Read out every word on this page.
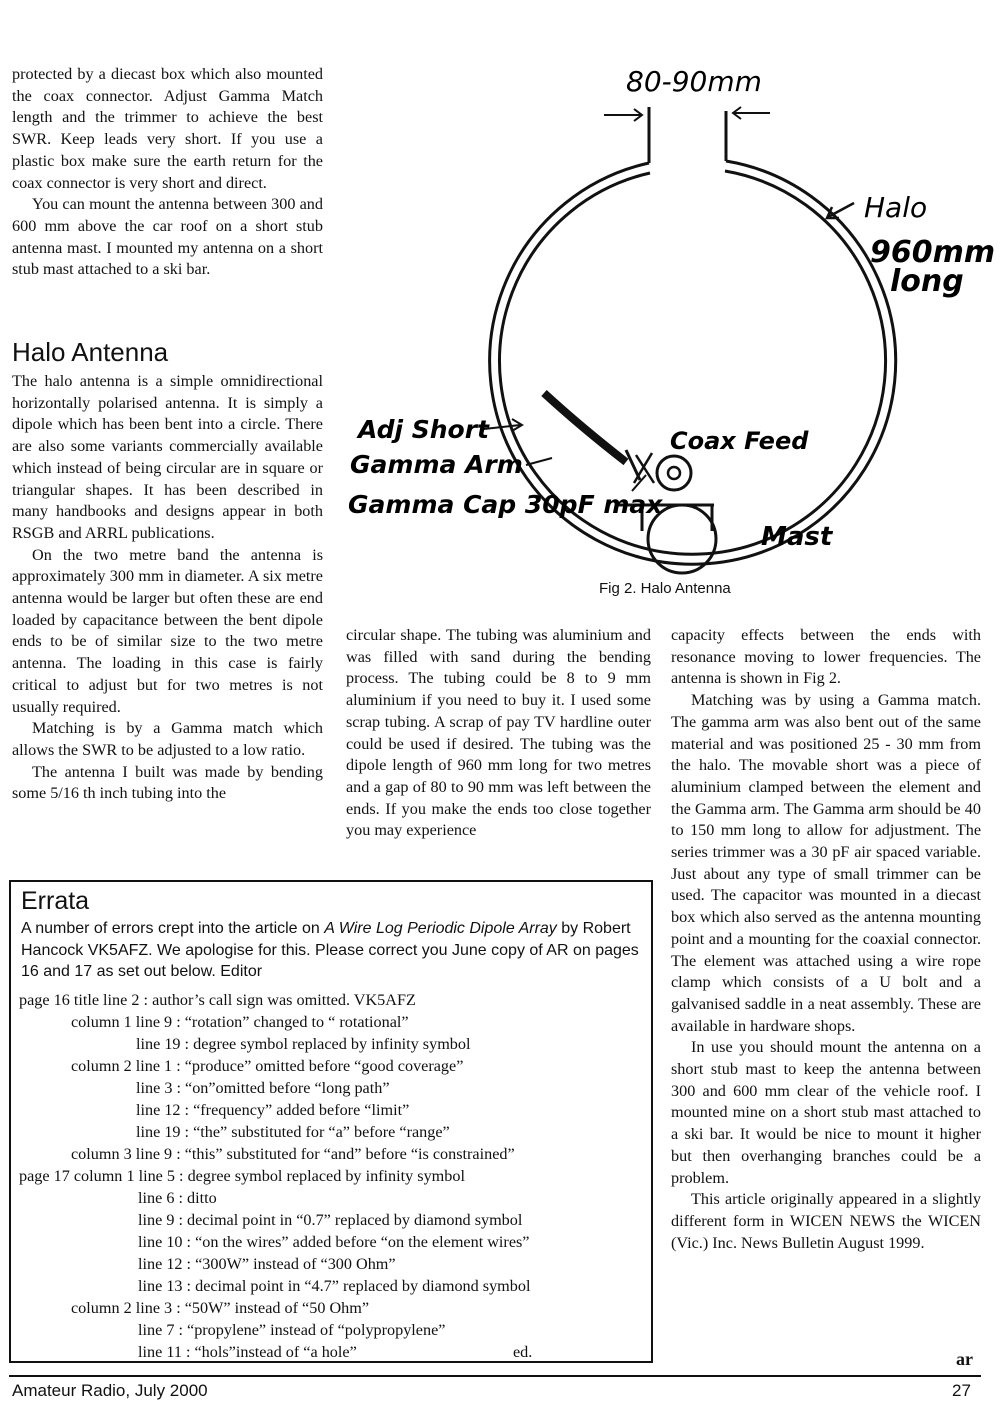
protected by a diecast box which also mounted the coax connector. Adjust Gamma Match length and the trimmer to achieve the best SWR. Keep leads very short. If you use a plastic box make sure the earth return for the coax connector is very short and direct.

You can mount the antenna between 300 and 600 mm above the car roof on a short stub antenna mast. I mounted my antenna on a short stub mast attached to a ski bar.

Halo Antenna

The halo antenna is a simple omnidirectional horizontally polarised antenna. It is simply a dipole which has been bent into a circle. There are also some variants commercially available which instead of being circular are in square or triangular shapes. It has been described in many handbooks and designs appear in both RSGB and ARRL publications.

On the two metre band the antenna is approximately 300 mm in diameter. A six metre antenna would be larger but often these are end loaded by capacitance between the bent dipole ends to be of similar size to the two metre antenna. The loading in this case is fairly critical to adjust but for two metres is not usually required.

Matching is by a Gamma match which allows the SWR to be adjusted to a low ratio.

The antenna I built was made by bending some 5/16 th inch tubing into the

80-90mm
Halo
960mm
long
Adj Short
Gamma Arm
Gamma Cap 30pF max
Coax Feed
Mast

Fig 2. Halo Antenna

circular shape. The tubing was aluminium and was filled with sand during the bending process. The tubing could be 8 to 9 mm aluminium if you need to buy it. I used some scrap tubing. A scrap of pay TV hardline outer could be used if desired. The tubing was the dipole length of 960 mm long for two metres and a gap of 80 to 90 mm was left between the ends. If you make the ends too close together you may experience

capacity effects between the ends with resonance moving to lower frequencies. The antenna is shown in Fig 2.

Matching was by using a Gamma match. The gamma arm was also bent out of the same material and was positioned 25 - 30 mm from the halo. The movable short was a piece of aluminium clamped between the element and the Gamma arm. The Gamma arm should be 40 to 150 mm long to allow for adjustment. The series trimmer was a 30 pF air spaced variable. Just about any type of small trimmer can be used. The capacitor was mounted in a diecast box which also served as the antenna mounting point and a mounting for the coaxial connector. The element was attached using a wire rope clamp which consists of a U bolt and a galvanised saddle in a neat assembly. These are available in hardware shops.

In use you should mount the antenna on a short stub mast to keep the antenna between 300 and 600 mm clear of the vehicle roof. I mounted mine on a short stub mast attached to a ski bar. It would be nice to mount it higher but then overhanging branches could be a problem.

This article originally appeared in a slightly different form in WICEN NEWS the WICEN (Vic.) Inc. News Bulletin August 1999.

Errata

A number of errors crept into the article on A Wire Log Periodic Dipole Array by Robert Hancock VK5AFZ. We apologise for this. Please correct you June copy of AR on pages 16 and 17 as set out below. Editor

page 16 title line 2 : author’s call sign was omitted. VK5AFZ

column 1 line 9 : “rotation” changed to “ rotational”

line 19 : degree symbol replaced by infinity symbol

column 2 line 1 : “produce” omitted before “good coverage”

line 3 : “on”omitted before “long path”

line 12 : “frequency” added before “limit”

line 19 : “the” substituted for “a” before “range”

column 3 line 9 : “this” substituted for “and” before “is constrained”

page 17 column 1 line 5 : degree symbol replaced by infinity symbol

line 6 : ditto

line 9 : decimal point in “0.7” replaced by diamond symbol

line 10 : “on the wires” added before “on the element wires”

line 12 : “300W” instead of “300 Ohm”

line 13 : decimal point in “4.7” replaced by diamond symbol

column 2 line 3 : “50W” instead of “50 Ohm”

line 7 : “propylene” instead of “polypropylene”

line 11 : “hols”instead of “a hole”	ed.	ar

Amateur Radio, July 2000	27
